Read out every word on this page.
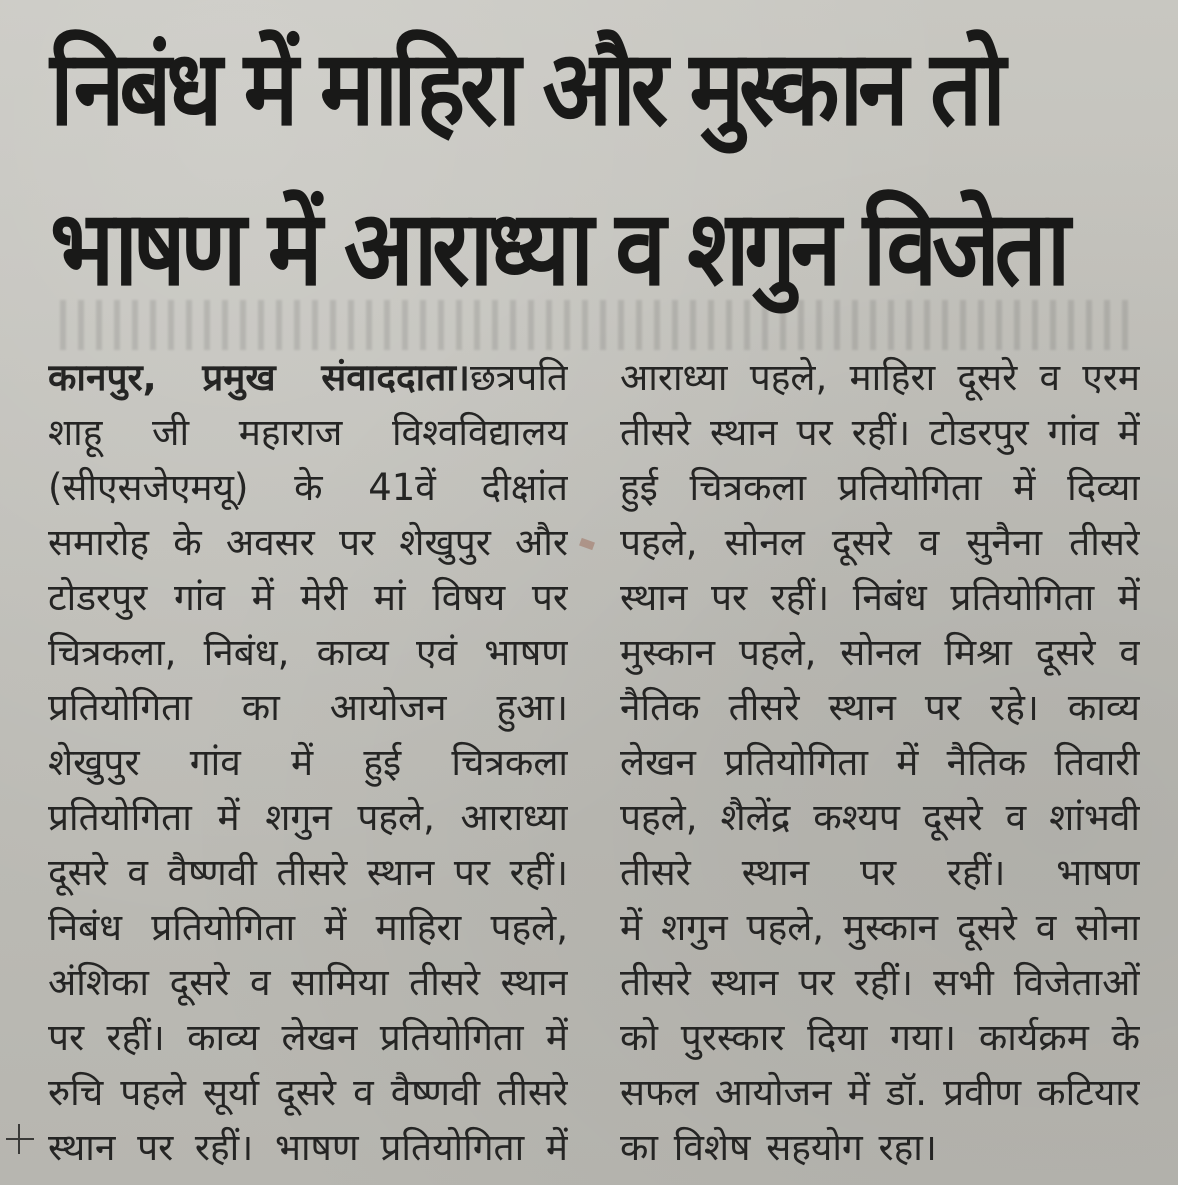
निबंध में माहिरा और मुस्कान तो
भाषण में आराध्या व शगुन विजेता
कानपुर, प्रमुख संवाददाता।छत्रपति
शाहू जी महाराज विश्वविद्यालय
(सीएसजेएमयू) के 41वें दीक्षांत
समारोह के अवसर पर शेखुपुर और
टोडरपुर गांव में मेरी मां विषय पर
चित्रकला, निबंध, काव्य एवं भाषण
प्रतियोगिता का आयोजन हुआ।
शेखुपुर गांव में हुई चित्रकला
प्रतियोगिता में शगुन पहले, आराध्या
दूसरे व वैष्णवी तीसरे स्थान पर रहीं।
निबंध प्रतियोगिता में माहिरा पहले,
अंशिका दूसरे व सामिया तीसरे स्थान
पर रहीं। काव्य लेखन प्रतियोगिता में
रुचि पहले सूर्या दूसरे व वैष्णवी तीसरे
स्थान पर रहीं। भाषण प्रतियोगिता में
आराध्या पहले, माहिरा दूसरे व एरम
तीसरे स्थान पर रहीं। टोडरपुर गांव में
हुई चित्रकला प्रतियोगिता में दिव्या
पहले, सोनल दूसरे व सुनैना तीसरे
स्थान पर रहीं। निबंध प्रतियोगिता में
मुस्कान पहले, सोनल मिश्रा दूसरे व
नैतिक तीसरे स्थान पर रहे। काव्य
लेखन प्रतियोगिता में नैतिक तिवारी
पहले, शैलेंद्र कश्यप दूसरे व शांभवी
तीसरे स्थान पर रहीं। भाषण
में शगुन पहले, मुस्कान दूसरे व सोना
तीसरे स्थान पर रहीं। सभी विजेताओं
को पुरस्कार दिया गया। कार्यक्रम के
सफल आयोजन में डॉ. प्रवीण कटियार
का विशेष सहयोग रहा।
